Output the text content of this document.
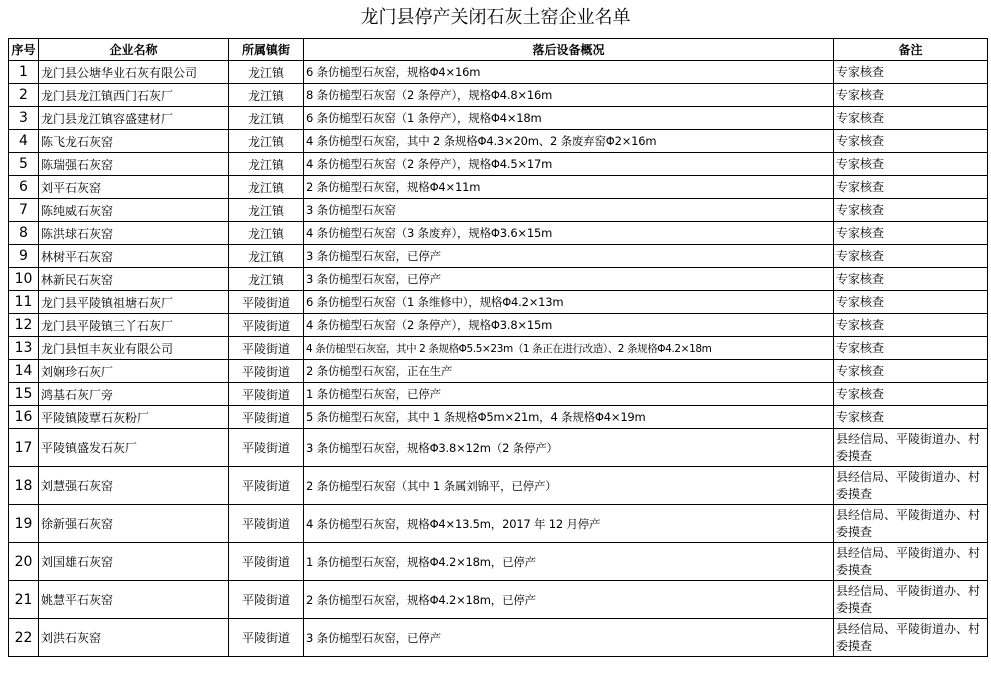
龙门县停产关闭石灰土窑企业名单
序号	企业名称	所属镇街	落后设备概况	备注
1	龙门县公塘华业石灰有限公司	龙江镇	6 条仿槌型石灰窑，规格Φ4×16m	专家核查
2	龙门县龙江镇西门石灰厂	龙江镇	8 条仿槌型石灰窑（2 条停产），规格Φ4.8×16m	专家核查
3	龙门县龙江镇容盛建材厂	龙江镇	6 条仿槌型石灰窑（1 条停产），规格Φ4×18m	专家核查
4	陈飞龙石灰窑	龙江镇	4 条仿槌型石灰窑，其中 2 条规格Φ4.3×20m、2 条废弃窑Φ2×16m	专家核查
5	陈瑞强石灰窑	龙江镇	4 条仿槌型石灰窑（2 条停产），规格Φ4.5×17m	专家核查
6	刘平石灰窑	龙江镇	2 条仿槌型石灰窑，规格Φ4×11m	专家核查
7	陈纯威石灰窑	龙江镇	3 条仿槌型石灰窑	专家核查
8	陈洪球石灰窑	龙江镇	4 条仿槌型石灰窑（3 条废弃），规格Φ3.6×15m	专家核查
9	林树平石灰窑	龙江镇	3 条仿槌型石灰窑，已停产	专家核查
10	林新民石灰窑	龙江镇	3 条仿槌型石灰窑，已停产	专家核查
11	龙门县平陵镇祖塘石灰厂	平陵街道	6 条仿槌型石灰窑（1 条维修中），规格Φ4.2×13m	专家核查
12	龙门县平陵镇三丫石灰厂	平陵街道	4 条仿槌型石灰窑（2 条停产），规格Φ3.8×15m	专家核查
13	龙门县恒丰灰业有限公司	平陵街道	4 条仿槌型石灰窑，其中 2 条规格Φ5.5×23m（1 条正在进行改造）、2 条规格Φ4.2×18m	专家核查
14	刘娴珍石灰厂	平陵街道	2 条仿槌型石灰窑，正在生产	专家核查
15	鸿基石灰厂旁	平陵街道	1 条仿槌型石灰窑，已停产	专家核查
16	平陵镇陵覃石灰粉厂	平陵街道	5 条仿槌型石灰窑，其中 1 条规格Φ5m×21m，4 条规格Φ4×19m	专家核查
17	平陵镇盛发石灰厂	平陵街道	3 条仿槌型石灰窑，规格Φ3.8×12m（2 条停产）	县经信局、平陵街道办、村委摸查
18	刘慧强石灰窑	平陵街道	2 条仿槌型石灰窑（其中 1 条属刘锦平，已停产）	县经信局、平陵街道办、村委摸查
19	徐新强石灰窑	平陵街道	4 条仿槌型石灰窑，规格Φ4×13.5m，2017 年 12 月停产	县经信局、平陵街道办、村委摸查
20	刘国雄石灰窑	平陵街道	1 条仿槌型石灰窑，规格Φ4.2×18m，已停产	县经信局、平陵街道办、村委摸查
21	姚慧平石灰窑	平陵街道	2 条仿槌型石灰窑，规格Φ4.2×18m，已停产	县经信局、平陵街道办、村委摸查
22	刘洪石灰窑	平陵街道	3 条仿槌型石灰窑，已停产	县经信局、平陵街道办、村委摸查
